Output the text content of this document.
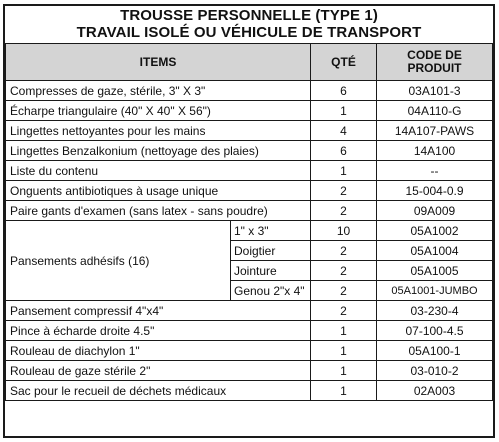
TROUSSE PERSONNELLE (TYPE 1)
TRAVAIL ISOLÉ OU VÉHICULE DE TRANSPORT
ITEMS		QTÉ	CODE DE
PRODUIT
Compresses de gaze, stérile, 3" X 3"		6	03A101-3
Écharpe triangulaire (40" X 40" X 56")		1	04A110-G
Lingettes nettoyantes pour les mains		4	14A107-PAWS
Lingettes Benzalkonium (nettoyage des plaies)		6	14A100
Liste du contenu		1	--
Onguents antibiotiques à usage unique		2	15-004-0.9
Paire gants d'examen (sans latex - sans poudre)		2	09A009
Pansements adhésifs (16)	1" x 3"	10	05A1002
	Doigtier	2	05A1004
	Jointure	2	05A1005
	Genou 2"x 4"	2	05A1001-JUMBO
Pansement compressif 4"x4"		2	03-230-4
Pince à écharde droite 4.5"		1	07-100-4.5
Rouleau de diachylon 1"		1	05A100-1
Rouleau de gaze stérile 2"		1	03-010-2
Sac pour le recueil de déchets médicaux		1	02A003
